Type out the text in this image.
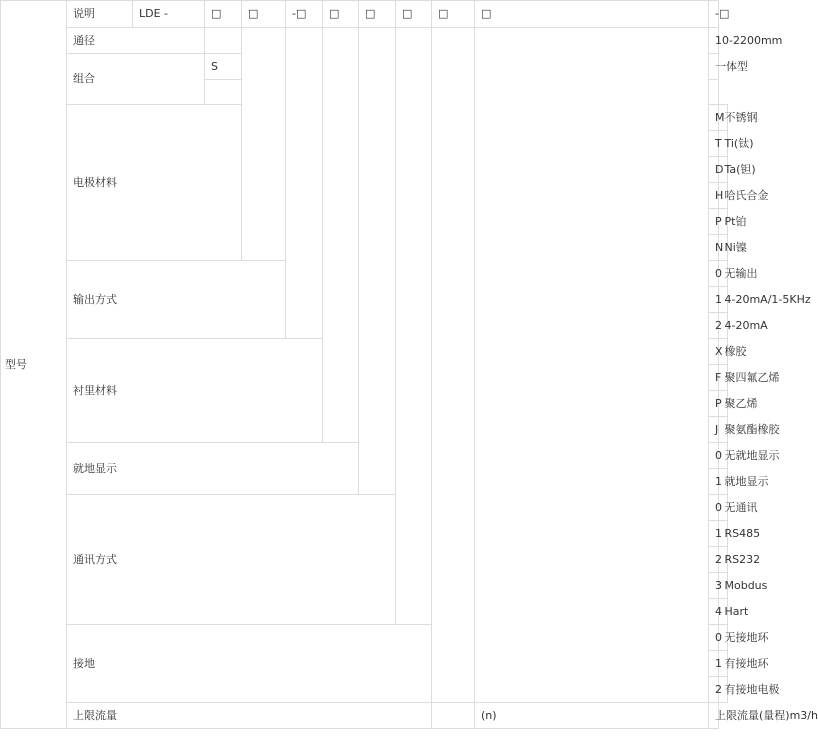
型号	说明	LDE -	□	□	-□	□	□	□	□	□	-□	
	通径										10-2200mm	
	组合		S								一体型	

	电极材料										M	不锈钢
											T	Ti(钛)
											D	Ta(钽)
											H	哈氏合金
											P	Pt铂
											N	Ni镍
	输出方式										0	无输出
											1	4-20mA/1-5KHz
											2	4-20mA
	衬里材料										X	橡胶
											F	聚四氟乙烯
											P	聚乙烯
											J	聚氨酯橡胶
	就地显示										0	无就地显示
											1	就地显示
	通讯方式										0	无通讯
											1	RS485
											2	RS232
											3	Mobdus
											4	Hart
	接地										0	无接地环
											1	有接地环
											2	有接地电极
	上限流量									(n)	上限流量(量程)m3/h	
